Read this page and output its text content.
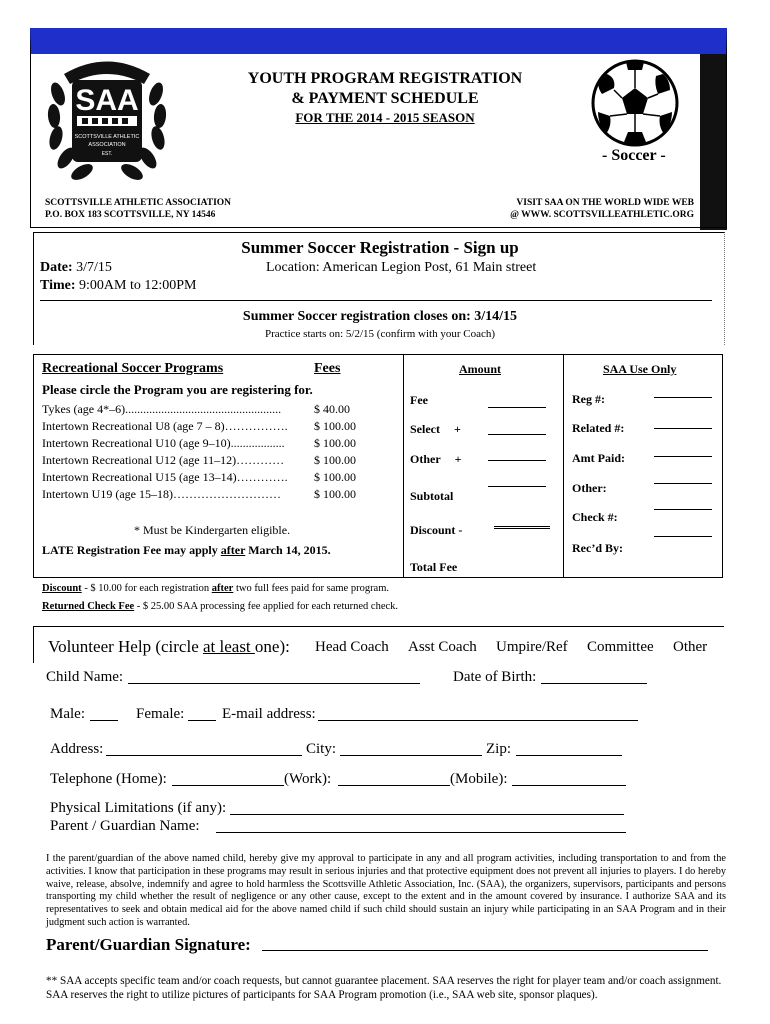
SAA
SCOTTSVILLE ATHLETIC
ASSOCIATION
EST.
YOUTH PROGRAM REGISTRATION
& PAYMENT SCHEDULE
FOR THE 2014 - 2015 SEASON
- Soccer -
SCOTTSVILLE ATHLETIC ASSOCIATION
P.O. BOX 183 SCOTTSVILLE, NY 14546
VISIT SAA ON THE WORLD WIDE WEB
@ WWW. SCOTTSVILLEATHLETIC.ORG
Summer Soccer Registration - Sign up
Date: 3/7/15	Location: American Legion Post, 61 Main street
Time: 9:00AM to 12:00PM
Summer Soccer registration closes on: 3/14/15
Practice starts on: 5/2/15 (confirm with your Coach)
Recreational Soccer Programs	Fees
Please circle the Program you are registering for.
Tykes (age 4*–6)....................................................	$ 40.00
Intertown Recreational U8 (age 7 – 8)…………….	$ 100.00
Intertown Recreational U10 (age 9–10)..................	$ 100.00
Intertown Recreational U12 (age 11–12)…………	$ 100.00
Intertown Recreational U15 (age 13–14)………….	$ 100.00
Intertown U19 (age 15–18)………………………	$ 100.00
* Must be Kindergarten eligible.
LATE Registration Fee may apply after March 14, 2015.
Amount
Fee
Select +
Other +
Subtotal
Discount -
Total Fee
SAA Use Only
Reg #:
Related #:
Amt Paid:
Other:
Check #:
Rec’d By:
Discount - $ 10.00 for each registration after two full fees paid for same program.
Returned Check Fee - $ 25.00 SAA processing fee applied for each returned check.
Volunteer Help (circle at least one): Head Coach Asst Coach Umpire/Ref Committee Other
Child Name:	Date of Birth:
Male:	Female:	E-mail address:
Address:	City:	Zip:
Telephone (Home):	(Work):	(Mobile):
Physical Limitations (if any):
Parent / Guardian Name:
I the parent/guardian of the above named child, hereby give my approval to participate in any and all program activities, including transportation to and from the activities. I know that participation in these programs may result in serious injuries and that protective equipment does not prevent all injuries to players. I do hereby waive, release, absolve, indemnify and agree to hold harmless the Scottsville Athletic Association, Inc. (SAA), the organizers, supervisors, participants and persons transporting my child whether the result of negligence or any other cause, except to the extent and in the amount covered by insurance. I authorize SAA and its representatives to seek and obtain medical aid for the above named child if such child should sustain an injury while participating in an SAA Program and in their judgment such action is warranted.
Parent/Guardian Signature:
** SAA accepts specific team and/or coach requests, but cannot guarantee placement. SAA reserves the right for player team and/or coach assignment. SAA reserves the right to utilize pictures of participants for SAA Program promotion (i.e., SAA web site, sponsor plaques).
